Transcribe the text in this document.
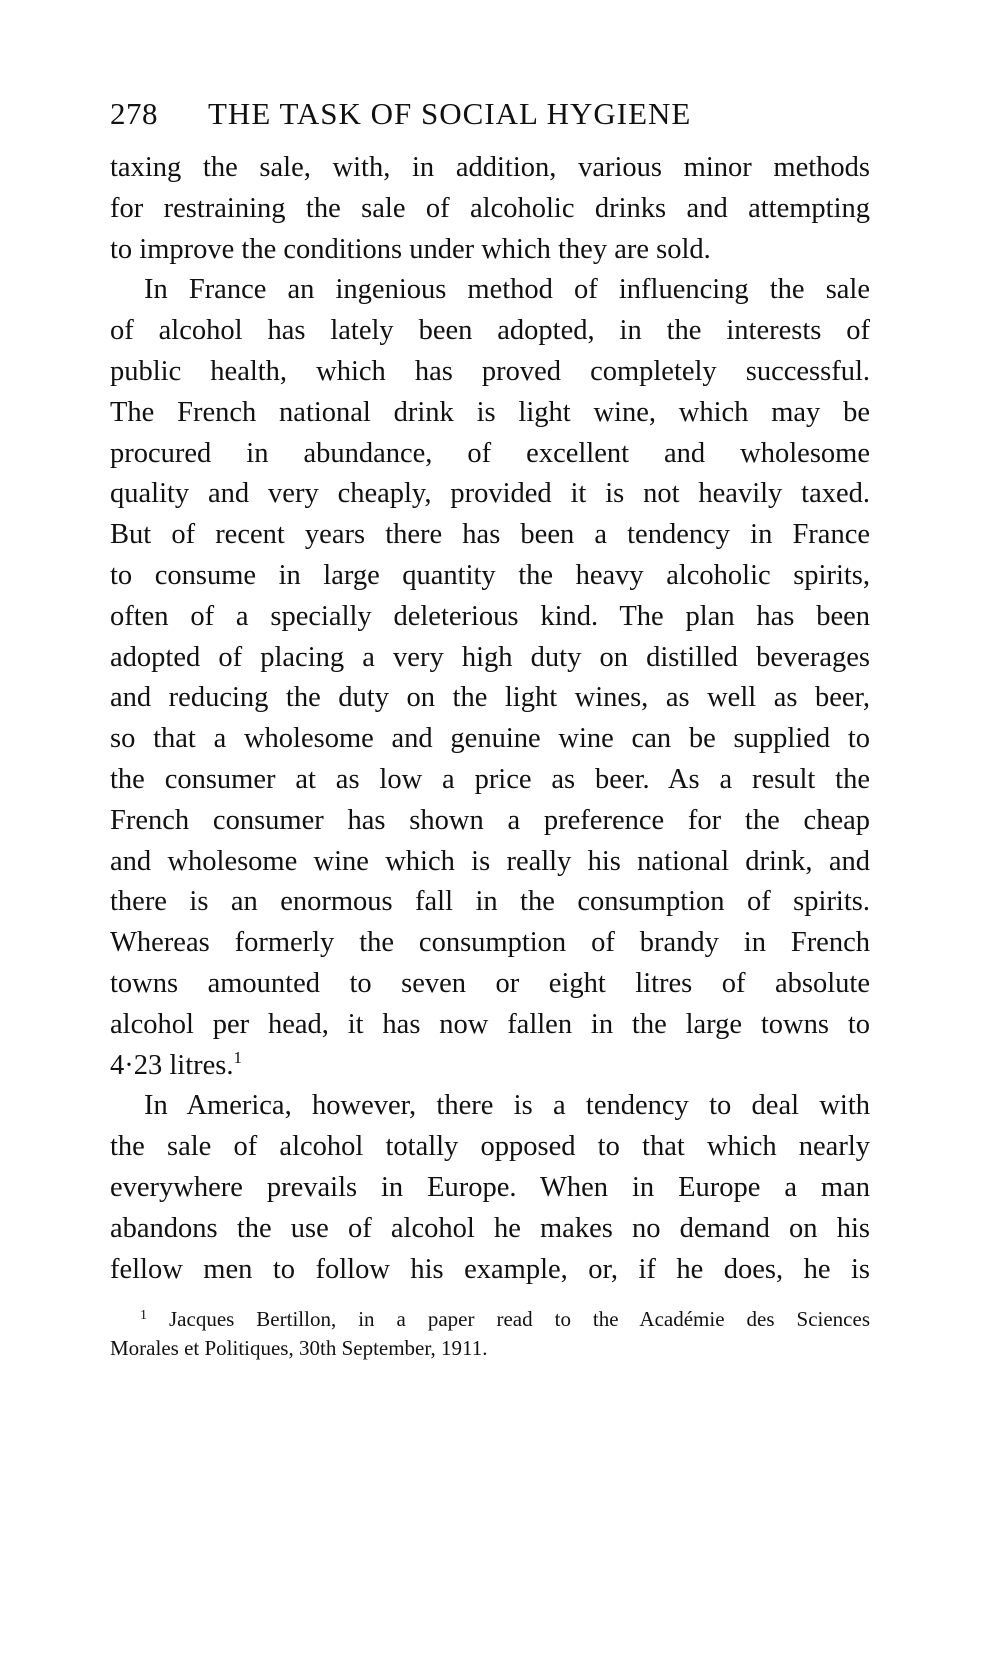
278 THE TASK OF SOCIAL HYGIENE
taxing the sale, with, in addition, various minor methods
for restraining the sale of alcoholic drinks and attempting
to improve the conditions under which they are sold.
In France an ingenious method of influencing the sale
of alcohol has lately been adopted, in the interests of
public health, which has proved completely successful.
The French national drink is light wine, which may be
procured in abundance, of excellent and wholesome
quality and very cheaply, provided it is not heavily taxed.
But of recent years there has been a tendency in France
to consume in large quantity the heavy alcoholic spirits,
often of a specially deleterious kind. The plan has been
adopted of placing a very high duty on distilled beverages
and reducing the duty on the light wines, as well as beer,
so that a wholesome and genuine wine can be supplied to
the consumer at as low a price as beer. As a result the
French consumer has shown a preference for the cheap
and wholesome wine which is really his national drink, and
there is an enormous fall in the consumption of spirits.
Whereas formerly the consumption of brandy in French
towns amounted to seven or eight litres of absolute
alcohol per head, it has now fallen in the large towns to
4·23 litres.$^1$
In America, however, there is a tendency to deal with
the sale of alcohol totally opposed to that which nearly
everywhere prevails in Europe. When in Europe a man
abandons the use of alcohol he makes no demand on his
fellow men to follow his example, or, if he does, he is
$^1$ Jacques Bertillon, in a paper read to the Académie des Sciences
Morales et Politiques, 30th September, 1911.
